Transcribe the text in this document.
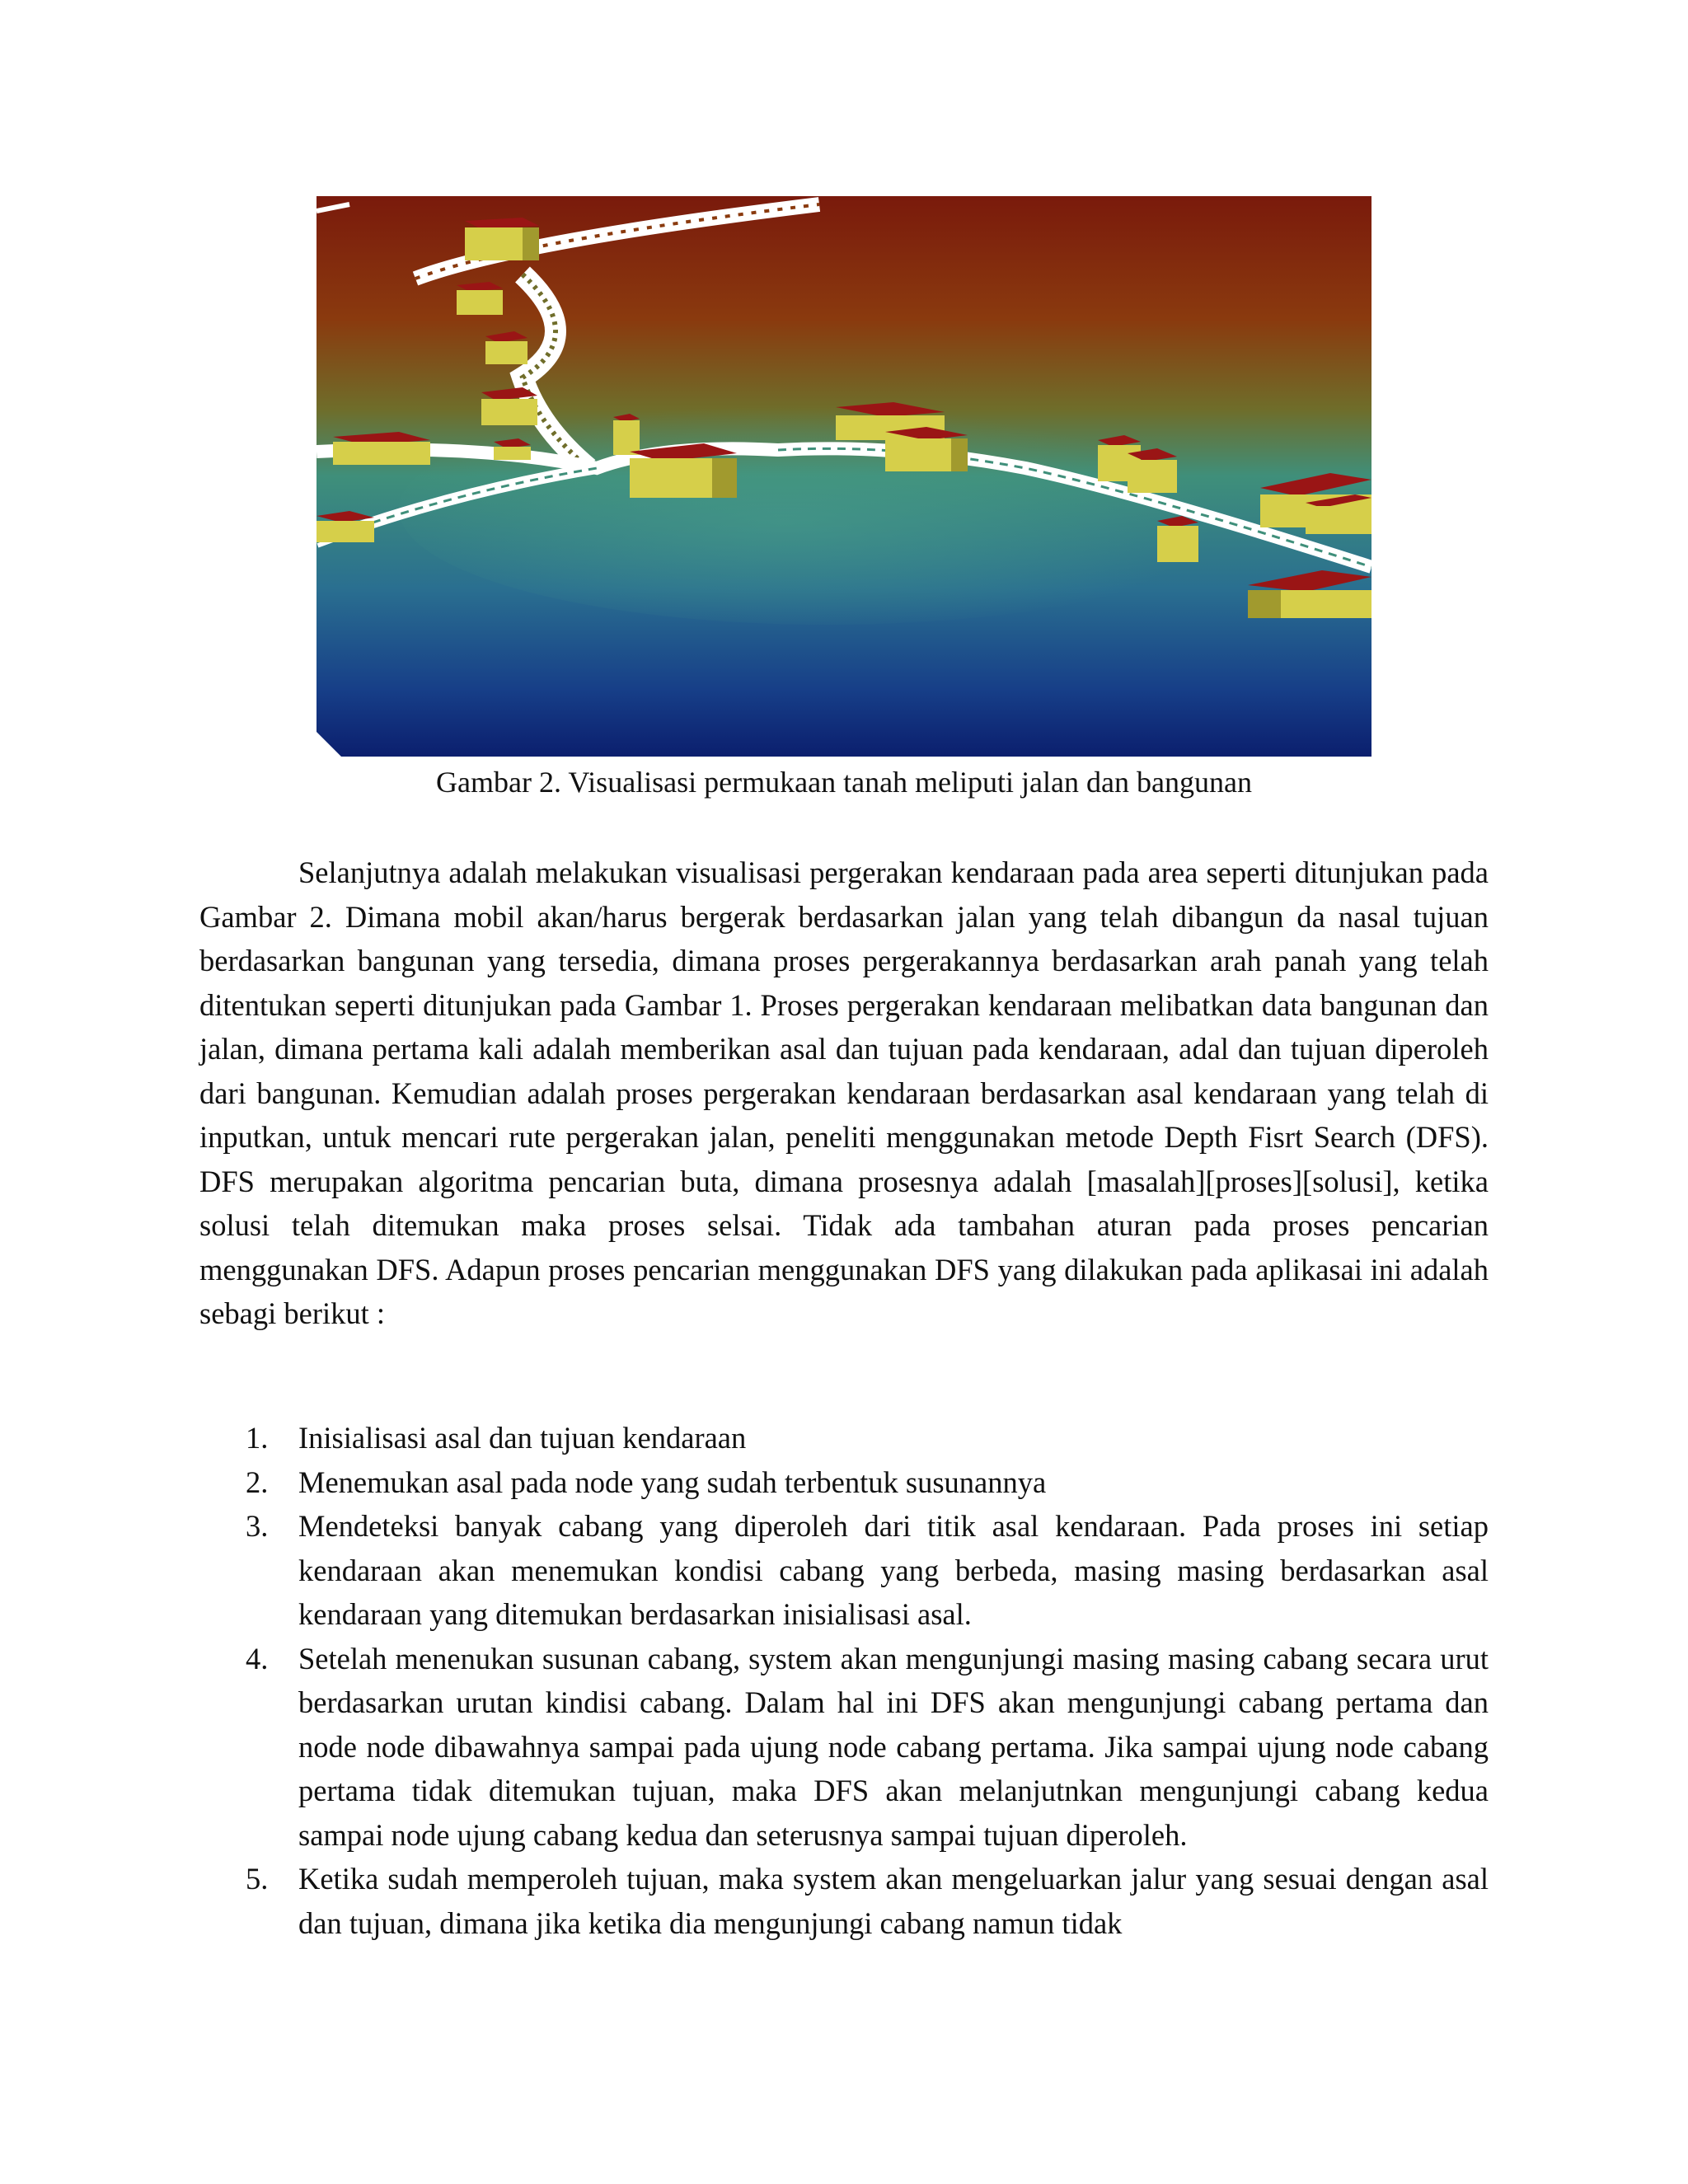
Gambar 2. Visualisasi permukaan tanah meliputi jalan dan bangunan

Selanjutnya adalah melakukan visualisasi pergerakan kendaraan pada area seperti ditunjukan pada Gambar 2. Dimana mobil akan/harus bergerak berdasarkan jalan yang telah dibangun da nasal tujuan berdasarkan bangunan yang tersedia, dimana proses pergerakannya berdasarkan arah panah yang telah ditentukan seperti ditunjukan pada Gambar 1. Proses pergerakan kendaraan melibatkan data bangunan dan jalan, dimana pertama kali adalah memberikan asal dan tujuan pada kendaraan, adal dan tujuan diperoleh dari bangunan. Kemudian adalah proses pergerakan kendaraan berdasarkan asal kendaraan yang telah di inputkan, untuk mencari rute pergerakan jalan, peneliti menggunakan metode Depth Fisrt Search (DFS). DFS merupakan algoritma pencarian buta, dimana prosesnya adalah [masalah][proses][solusi], ketika solusi telah ditemukan maka proses selsai. Tidak ada tambahan aturan pada proses pencarian menggunakan DFS. Adapun proses pencarian menggunakan DFS yang dilakukan pada aplikasai ini adalah sebagi berikut :

1. Inisialisasi asal dan tujuan kendaraan
2. Menemukan asal pada node yang sudah terbentuk susunannya
3. Mendeteksi banyak cabang yang diperoleh dari titik asal kendaraan. Pada proses ini setiap kendaraan akan menemukan kondisi cabang yang berbeda, masing masing berdasarkan asal kendaraan yang ditemukan berdasarkan inisialisasi asal.
4. Setelah menenukan susunan cabang, system akan mengunjungi masing masing cabang secara urut berdasarkan urutan kindisi cabang. Dalam hal ini DFS akan mengunjungi cabang pertama dan node node dibawahnya sampai pada ujung node cabang pertama. Jika sampai ujung node cabang pertama tidak ditemukan tujuan, maka DFS akan melanjutnkan mengunjungi cabang kedua sampai node ujung cabang kedua dan seterusnya sampai tujuan diperoleh.
5. Ketika sudah memperoleh tujuan, maka system akan mengeluarkan jalur yang sesuai dengan asal dan tujuan, dimana jika ketika dia mengunjungi cabang namun tidak
